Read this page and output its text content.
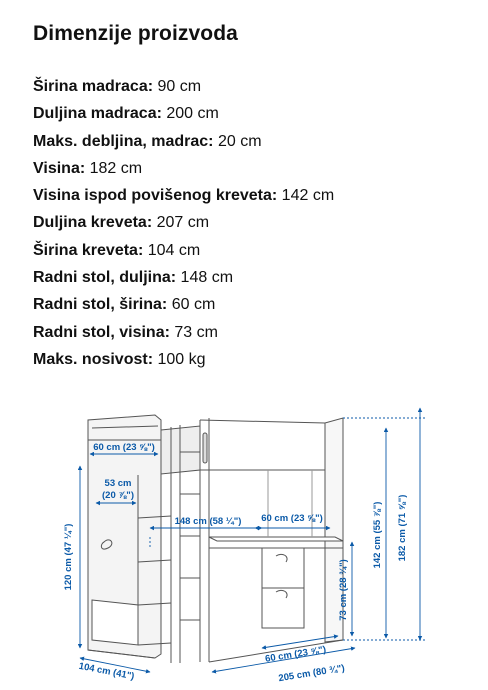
Dimenzije proizvoda
Širina madraca: 90 cm
Duljina madraca: 200 cm
Maks. debljina, madrac: 20 cm
Visina: 182 cm
Visina ispod povišenog kreveta: 142 cm
Duljina kreveta: 207 cm
Širina kreveta: 104 cm
Radni stol, duljina: 148 cm
Radni stol, širina: 60 cm
Radni stol, visina: 73 cm
Maks. nosivost: 100 kg
60 cm (23 ⅝")
53 cm
(20 ⅞")
148 cm (58 ¼") 60 cm (23 ⅝")
120 cm (47 ¼")	73 cm (28 ¾")
142 cm (55 ⅞") 182 cm (71 ⅝")
60 cm (23 ⅝")
205 cm (80 ¾")
104 cm (41")
